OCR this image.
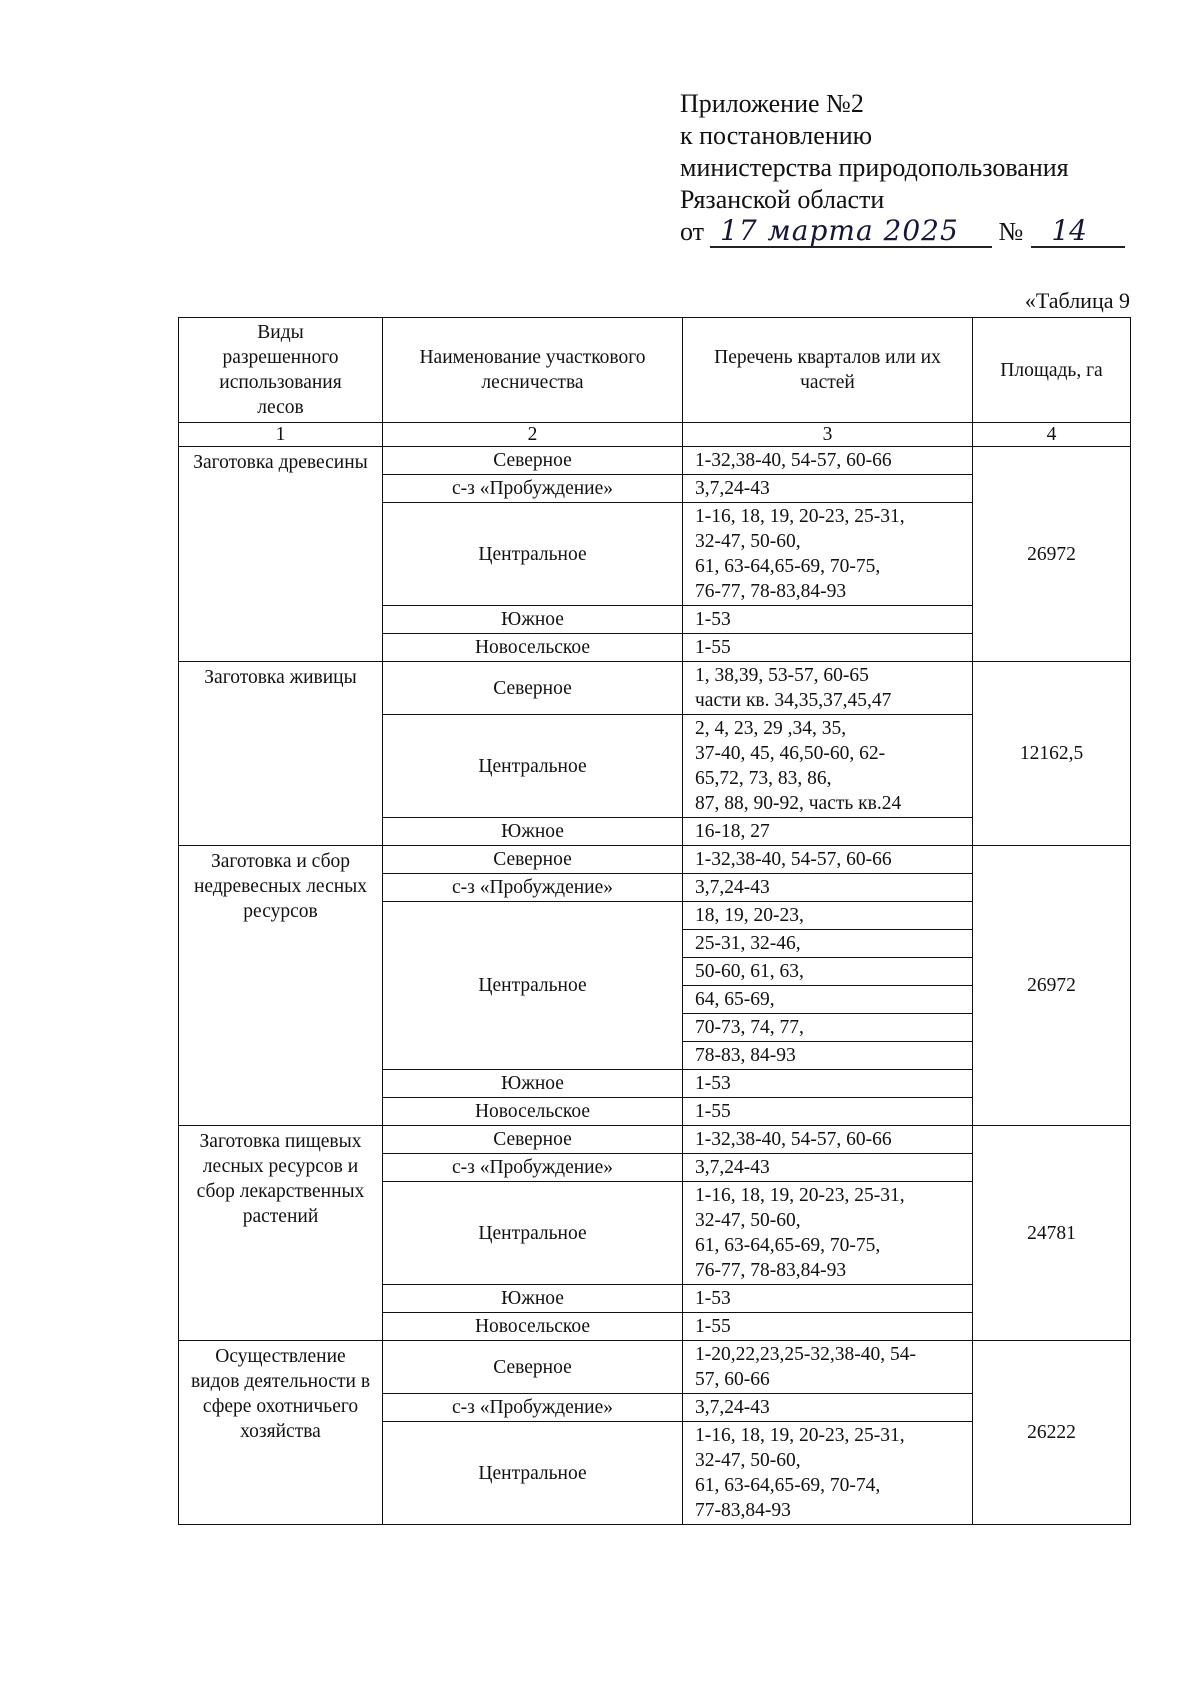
Приложение №2
к постановлению
министерства природопользования
Рязанской области
от 17 марта 2025 № 14
«Таблица 9
Виды разрешенного использования лесов	Наименование участкового лесничества	Перечень кварталов или их частей	Площадь, га
1	2	3	4
Заготовка древесины	Северное	1-32,38-40, 54-57, 60-66	26972
	с-з «Пробуждение»	3,7,24-43	

	Центральное	1-16, 18, 19, 20-23, 25-31,
32-47, 50-60,
61, 63-64,65-69, 70-75,
76-77, 78-83,84-93	

	Южное	1-53	

	Новосельское	1-55	

Заготовка живицы	Северное	1, 38,39, 53-57, 60-65
части кв. 34,35,37,45,47	12162,5
	Центральное	2, 4, 23, 29 ,34, 35,
37-40, 45, 46,50-60, 62-
65,72, 73, 83, 86,
87, 88, 90-92, часть кв.24	

	Южное	16-18, 27	

Заготовка и сбор недревесных лесных ресурсов	Северное	1-32,38-40, 54-57, 60-66	26972
	с-з «Пробуждение»	3,7,24-43	

	Центральное	18, 19, 20-23,	

		25-31, 32-46,	
		50-60, 61, 63,	
		64, 65-69,	
		70-73, 74, 77,	
		78-83, 84-93	
	Южное	1-53	

	Новосельское	1-55	

Заготовка пищевых лесных ресурсов и сбор лекарственных растений	Северное	1-32,38-40, 54-57, 60-66	24781
	с-з «Пробуждение»	3,7,24-43	

	Центральное	1-16, 18, 19, 20-23, 25-31,
32-47, 50-60,
61, 63-64,65-69, 70-75,
76-77, 78-83,84-93	

	Южное	1-53	

	Новосельское	1-55	

Осуществление видов деятельности в сфере охотничьего хозяйства	Северное	1-20,22,23,25-32,38-40, 54-
57, 60-66	26222
	с-з «Пробуждение»	3,7,24-43	

	Центральное	1-16, 18, 19, 20-23, 25-31,
32-47, 50-60,
61, 63-64,65-69, 70-74,
77-83,84-93	
